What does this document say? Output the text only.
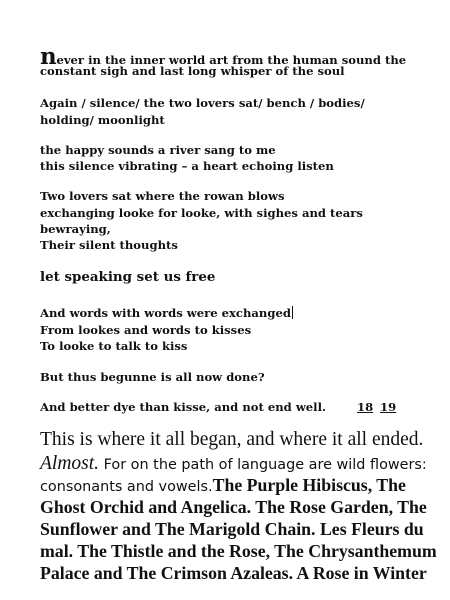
never in the inner world art from the human sound the
constant sigh and last long whisper of the soul
Again / silence/ the two lovers sat/ bench / bodies/
holding/ moonlight
the happy sounds a river sang to me
this silence vibrating – a heart echoing listen
Two lovers sat where the rowan blows
exchanging looke for looke, with sighes and tears
bewraying,
Their silent thoughts
let speaking set us free
And words with words were exchanged
From lookes and words to kisses
To looke to talk to kiss
But thus begunne is all now done?
And better dye than kisse, and not end well.	18 19
This is where it all began, and where it all ended.
Almost. For on the path of language are wild flowers:
consonants and vowels.The Purple Hibiscus, The
Ghost Orchid and Angelica. The Rose Garden, The
Sunflower and The Marigold Chain. Les Fleurs du
mal. The Thistle and the Rose, The Chrysanthemum
Palace and The Crimson Azaleas. A Rose in Winter
